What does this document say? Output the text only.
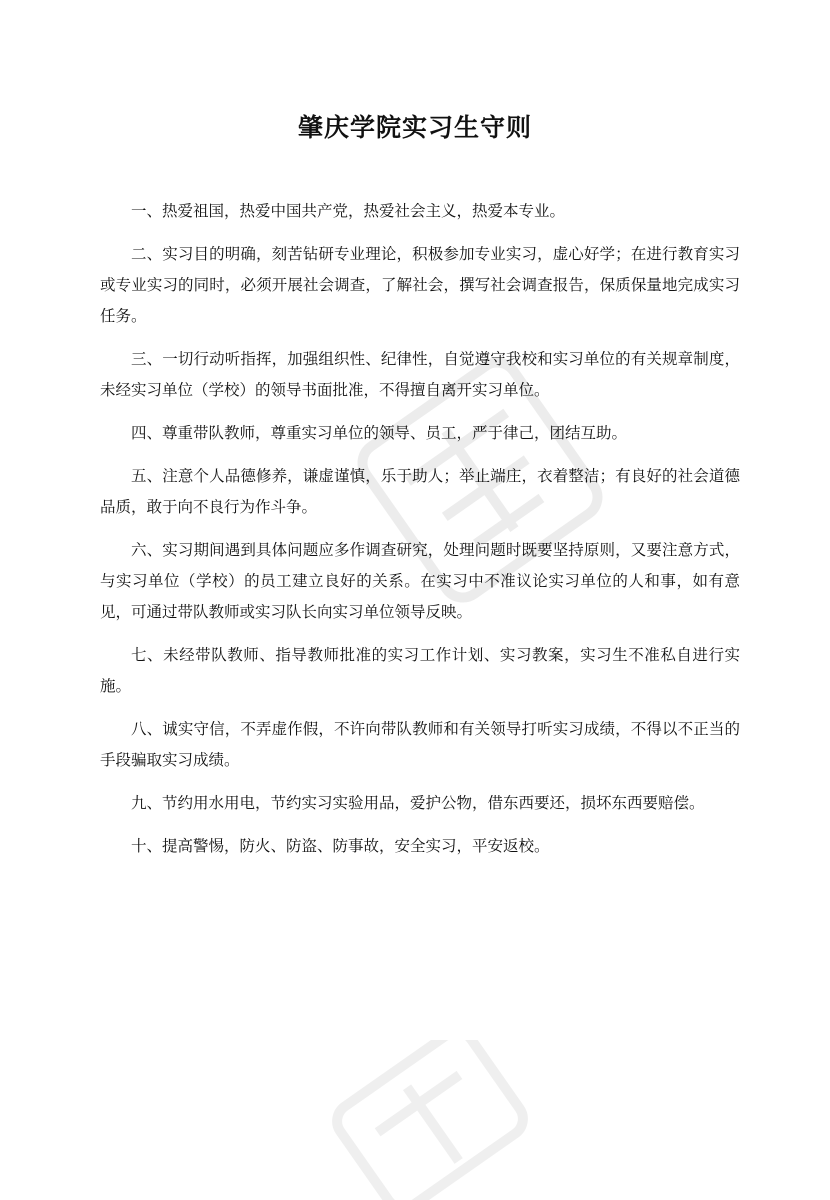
肇庆学院实习生守则

一、热爱祖国，热爱中国共产党，热爱社会主义，热爱本专业。

二、实习目的明确，刻苦钻研专业理论，积极参加专业实习，虚心好学；在进行教育实习或专业实习的同时，必须开展社会调查，了解社会，撰写社会调查报告，保质保量地完成实习任务。

三、一切行动听指挥，加强组织性、纪律性，自觉遵守我校和实习单位的有关规章制度，未经实习单位（学校）的领导书面批准，不得擅自离开实习单位。

四、尊重带队教师，尊重实习单位的领导、员工，严于律己，团结互助。

五、注意个人品德修养，谦虚谨慎，乐于助人；举止端庄，衣着整洁；有良好的社会道德品质，敢于向不良行为作斗争。

六、实习期间遇到具体问题应多作调查研究，处理问题时既要坚持原则，又要注意方式，与实习单位（学校）的员工建立良好的关系。在实习中不准议论实习单位的人和事，如有意见，可通过带队教师或实习队长向实习单位领导反映。

七、未经带队教师、指导教师批准的实习工作计划、实习教案，实习生不准私自进行实施。

八、诚实守信，不弄虚作假，不许向带队教师和有关领导打听实习成绩，不得以不正当的手段骗取实习成绩。

九、节约用水用电，节约实习实验用品，爱护公物，借东西要还，损坏东西要赔偿。

十、提高警惕，防火、防盗、防事故，安全实习，平安返校。
